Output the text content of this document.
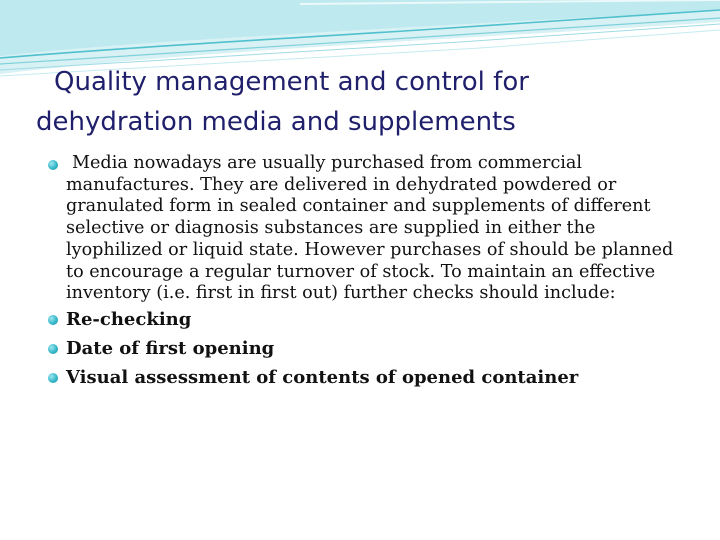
Quality management and control for
dehydration media and supplements
Media nowadays are usually purchased from commercial manufactures. They are delivered in dehydrated powdered or granulated form in sealed container and supplements of different selective or diagnosis substances are supplied in either the lyophilized or liquid state. However purchases of should be planned to encourage a regular turnover of stock. To maintain an effective inventory (i.e. first in first out) further checks should include:
Re-checking
Date of first opening
Visual assessment of contents of opened container
